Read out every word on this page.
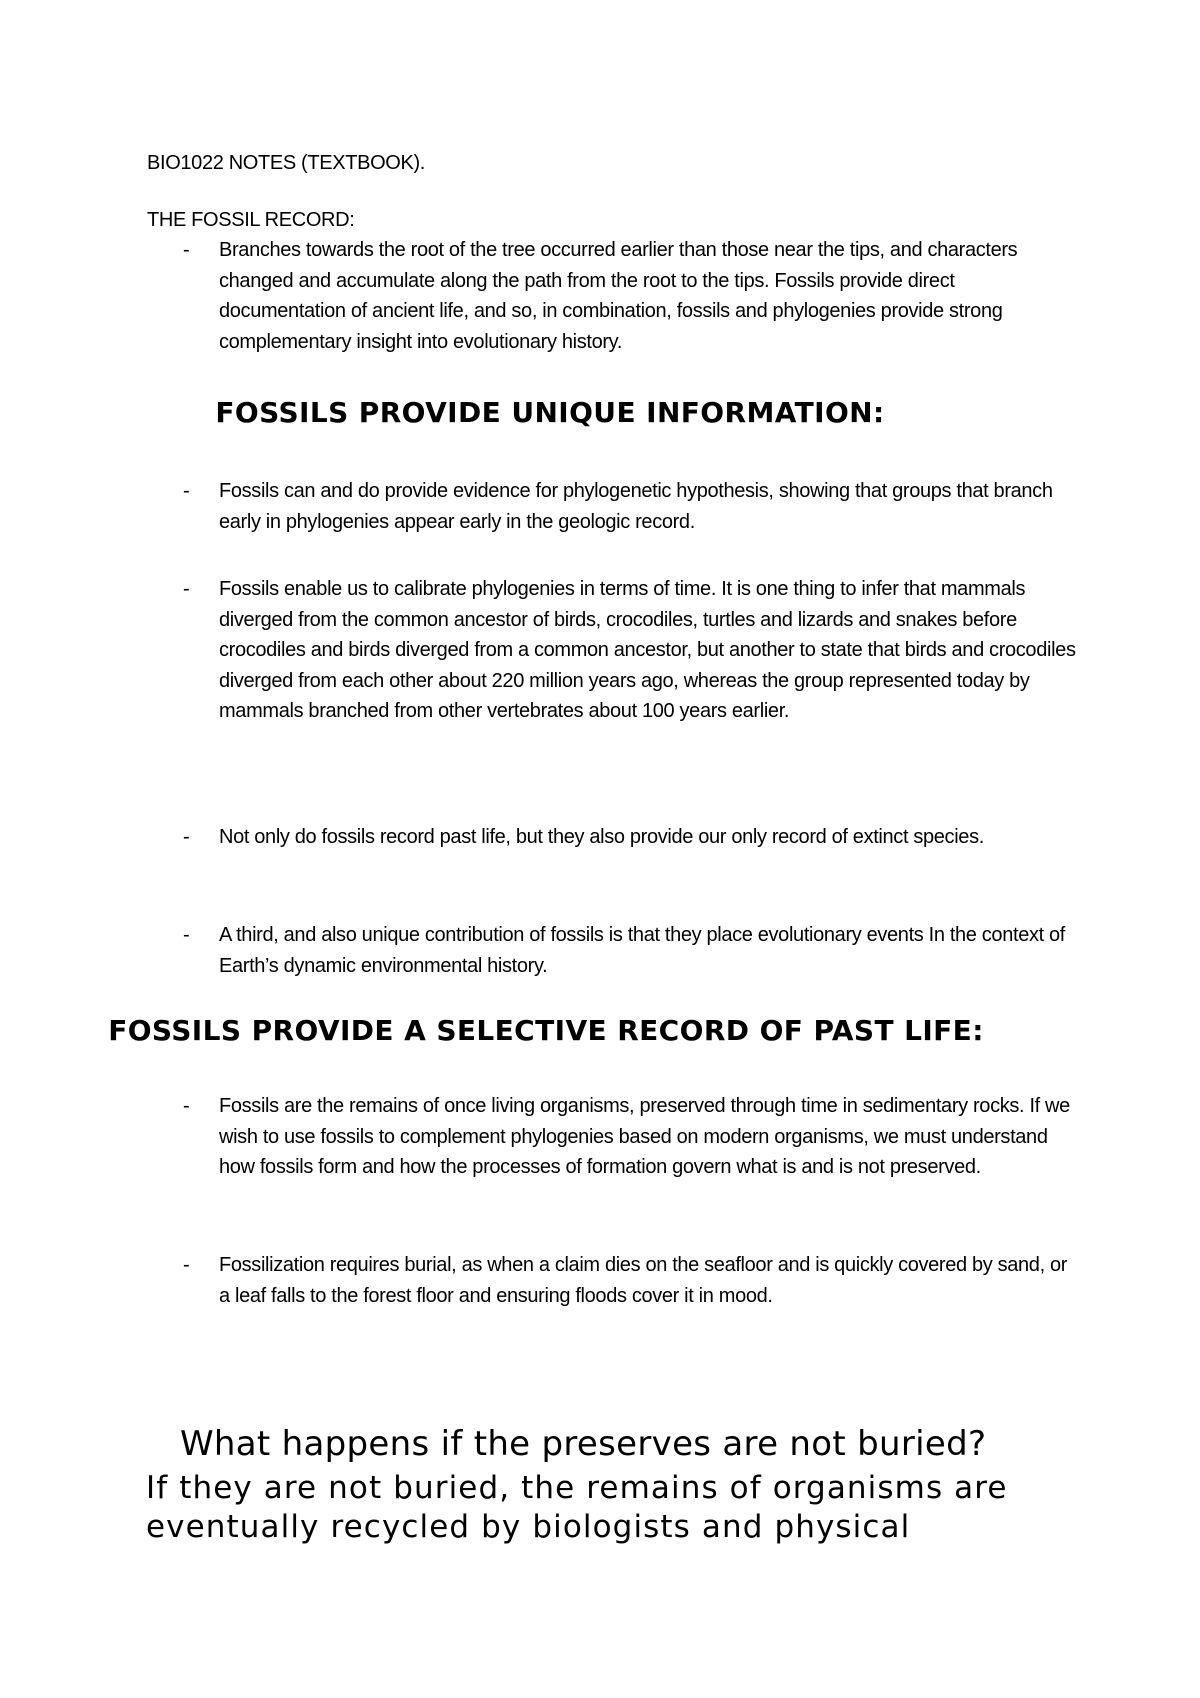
BIO1022 NOTES (TEXTBOOK).

THE FOSSIL RECORD:

-	Branches towards the root of the tree occurred earlier than those near the tips, and characters changed and accumulate along the path from the root to the tips. Fossils provide direct documentation of ancient life, and so, in combination, fossils and phylogenies provide strong complementary insight into evolutionary history.
FOSSILS PROVIDE UNIQUE INFORMATION:
-	Fossils can and do provide evidence for phylogenetic hypothesis, showing that groups that branch early in phylogenies appear early in the geologic record.
-	Fossils enable us to calibrate phylogenies in terms of time. It is one thing to infer that mammals diverged from the common ancestor of birds, crocodiles, turtles and lizards and snakes before crocodiles and birds diverged from a common ancestor, but another to state that birds and crocodiles diverged from each other about 220 million years ago, whereas the group represented today by mammals branched from other vertebrates about 100 years earlier.
-	Not only do fossils record past life, but they also provide our only record of extinct species.
-	A third, and also unique contribution of fossils is that they place evolutionary events In the context of Earth’s dynamic environmental history.
FOSSILS PROVIDE A SELECTIVE RECORD OF PAST LIFE:
-	Fossils are the remains of once living organisms, preserved through time in sedimentary rocks. If we wish to use fossils to complement phylogenies based on modern organisms, we must understand how fossils form and how the processes of formation govern what is and is not preserved.
-	Fossilization requires burial, as when a claim dies on the seafloor and is quickly covered by sand, or a leaf falls to the forest floor and ensuring floods cover it in mood.

What happens if the preserves are not buried?

If they are not buried, the remains of organisms are eventually recycled by biologists and physical
